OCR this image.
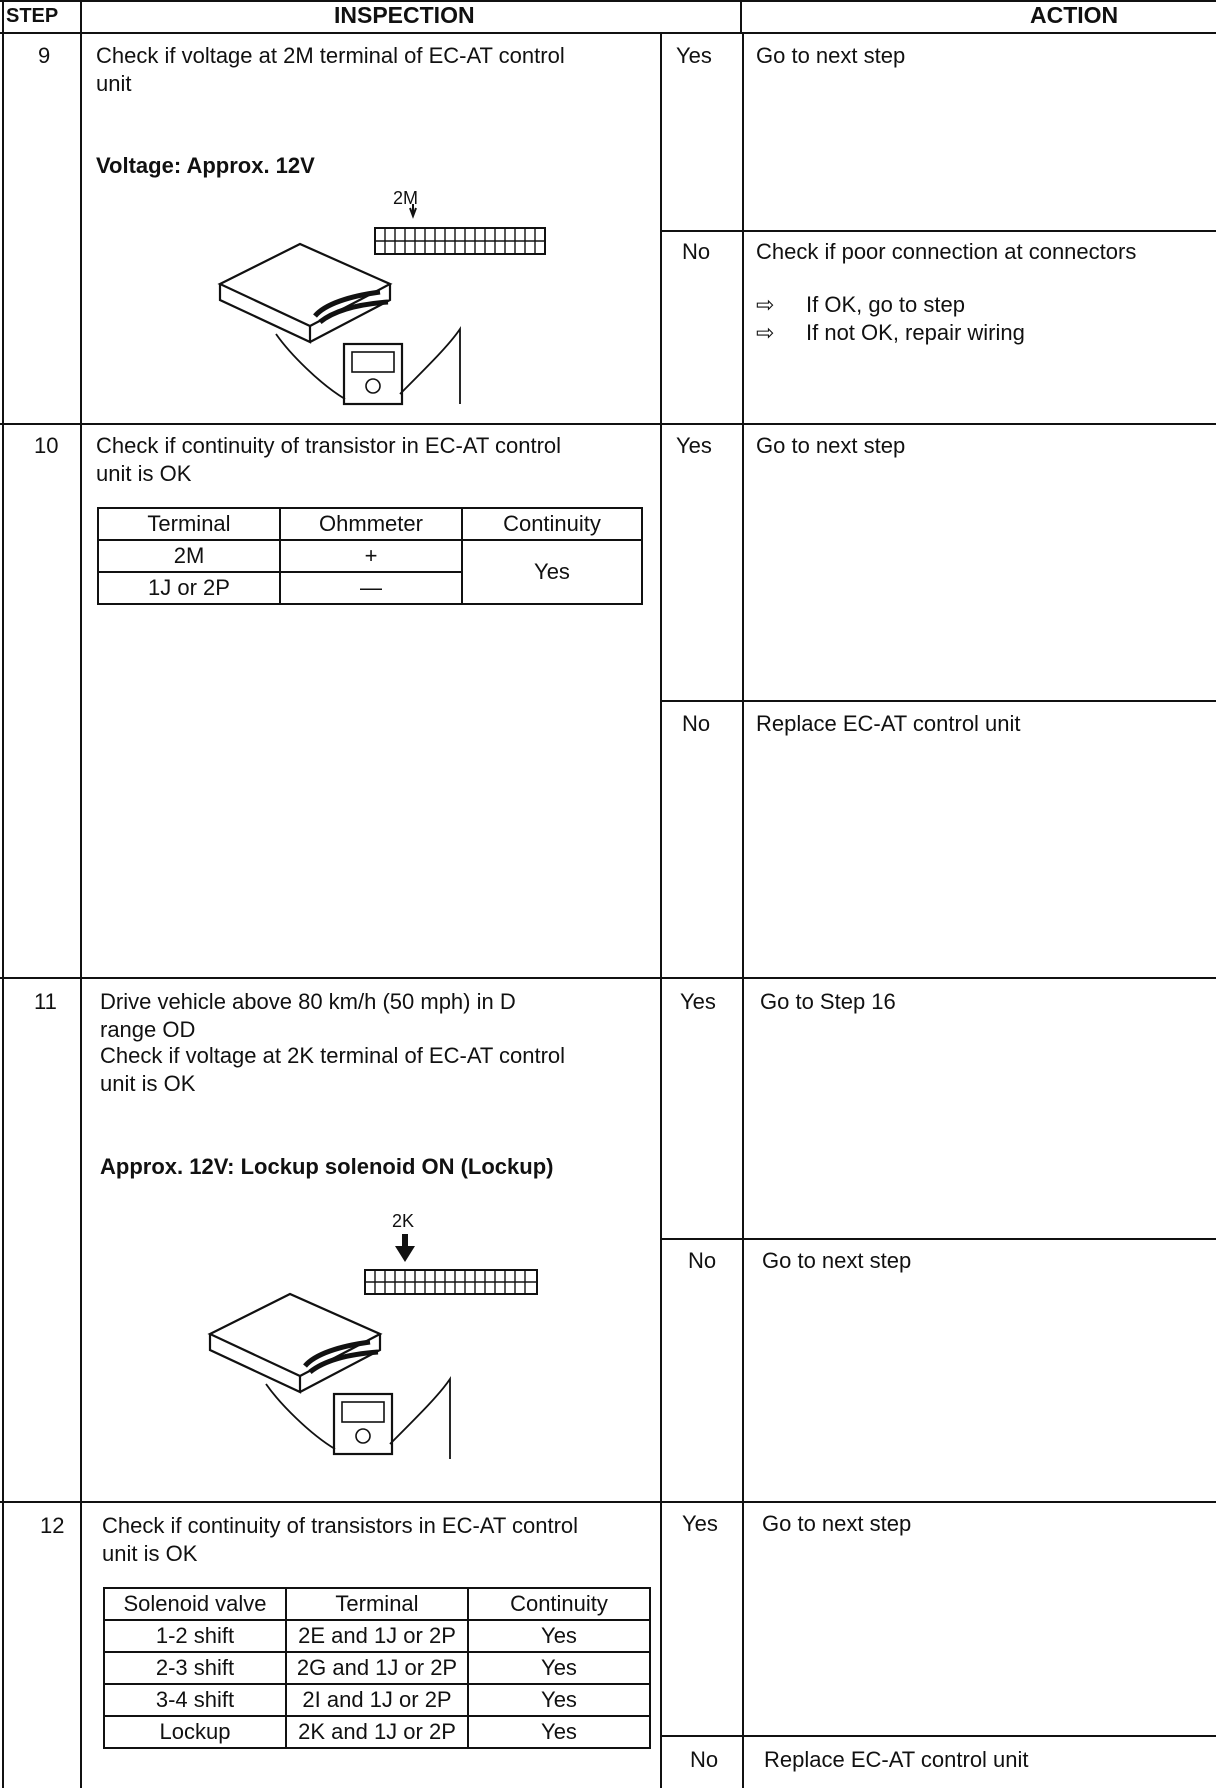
STEP	INSPECTION	ACTION
9 Check if voltage at 2M terminal of EC-AT control
unit
Voltage: Approx. 12V
2M
Yes Go to next step
No Check if poor connection at connectors
⇨ If OK, go to step
⇨ If not OK, repair wiring
10 Check if continuity of transistor in EC-AT control
unit is OK
Terminal	Ohmmeter	Continuity
2M	+	Yes
1J or 2P	—	
Yes Go to next step
No Replace EC-AT control unit
11 Drive vehicle above 80 km/h (50 mph) in D
range OD
Check if voltage at 2K terminal of EC-AT control
unit is OK
Approx. 12V: Lockup solenoid ON (Lockup)
2K
Yes Go to Step 16
No Go to next step
12 Check if continuity of transistors in EC-AT control
unit is OK
Solenoid valve	Terminal	Continuity
1-2 shift	2E and 1J or 2P	Yes
2-3 shift	2G and 1J or 2P	Yes
3-4 shift	2I and 1J or 2P	Yes
Lockup	2K and 1J or 2P	Yes
Yes Go to next step
No Replace EC-AT control unit
